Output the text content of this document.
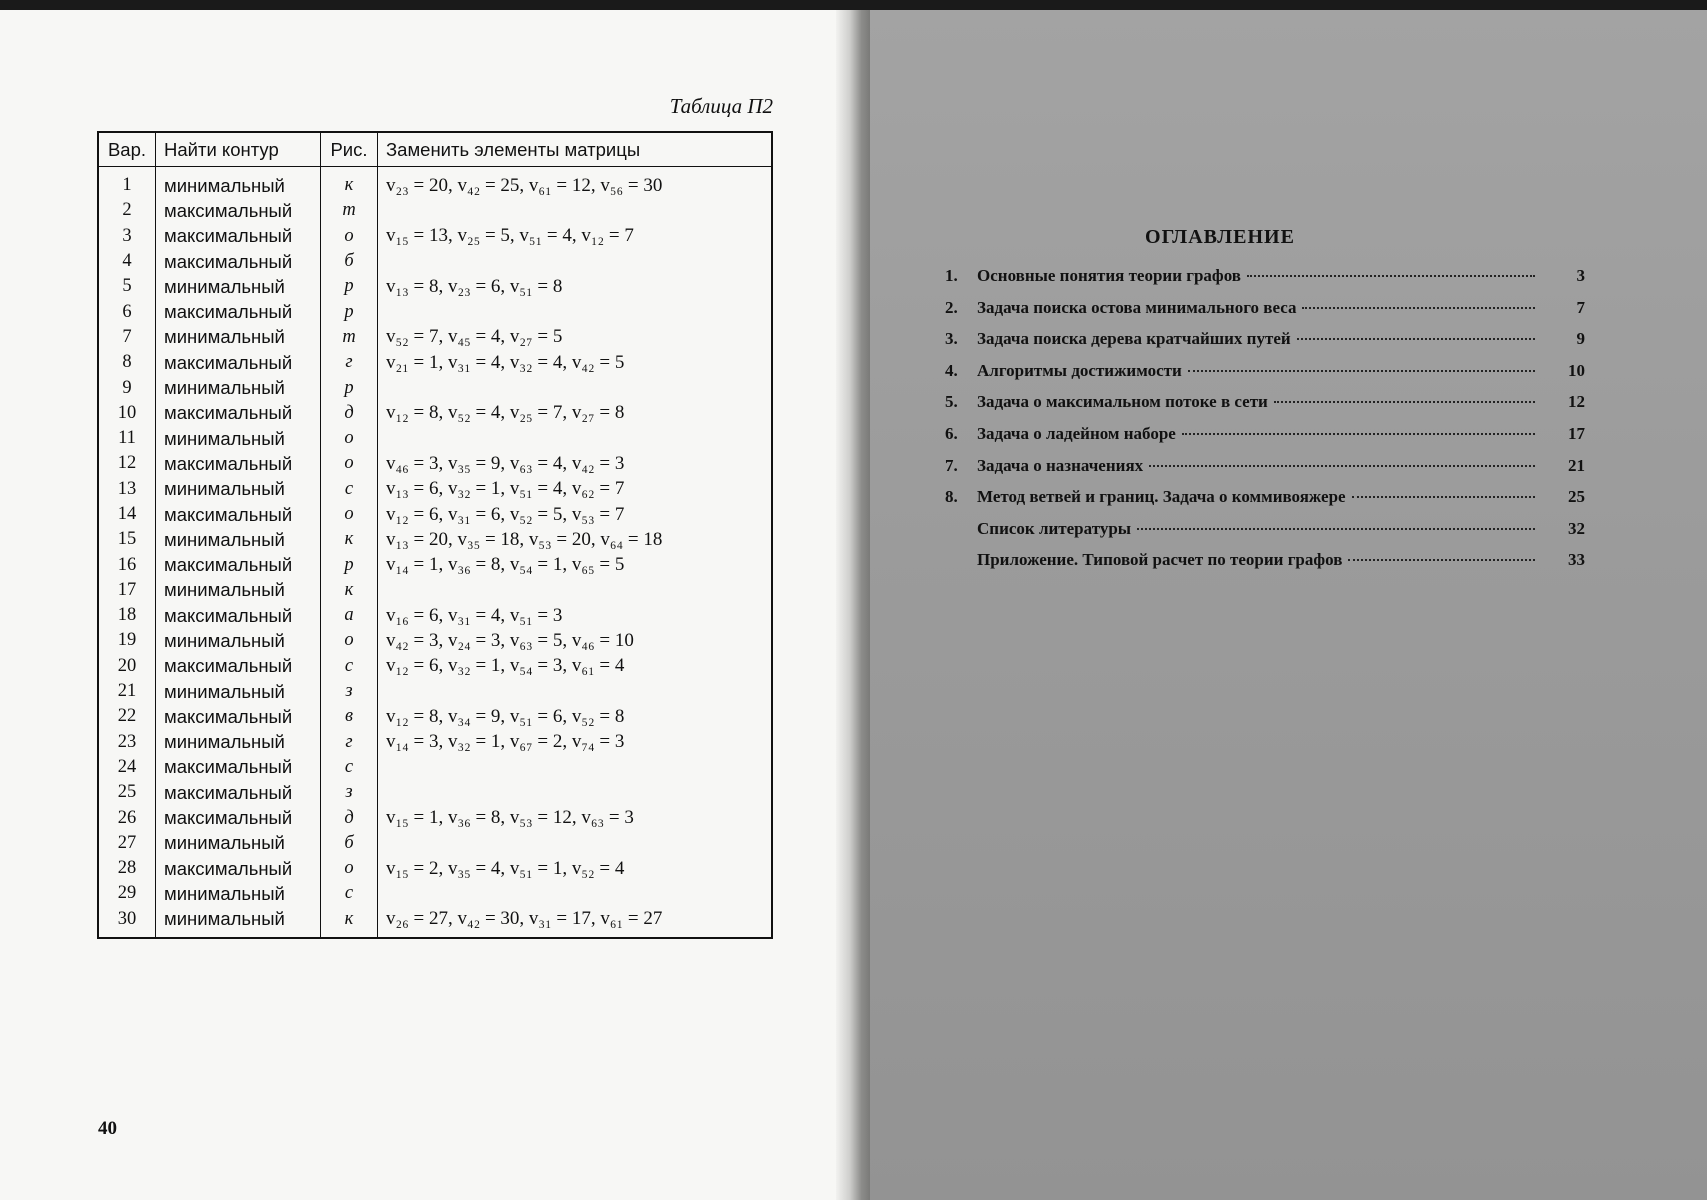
Таблица П2
Вар.	Найти контур	Рис.	Заменить элементы матрицы
1	минимальный	к	v₂₃ = 20, v₄₂ = 25, v₆₁ = 12, v₅₆ = 30
2	максимальный	т	
3	максимальный	о	v₁₅ = 13, v₂₅ = 5, v₅₁ = 4, v₁₂ = 7
4	максимальный	б	
5	минимальный	р	v₁₃ = 8, v₂₃ = 6, v₅₁ = 8
6	максимальный	р	
7	минимальный	т	v₅₂ = 7, v₄₅ = 4, v₂₇ = 5
8	максимальный	г	v₂₁ = 1, v₃₁ = 4, v₃₂ = 4, v₄₂ = 5
9	минимальный	р	
10	максимальный	д	v₁₂ = 8, v₅₂ = 4, v₂₅ = 7, v₂₇ = 8
11	минимальный	о	
12	максимальный	о	v₄₆ = 3, v₃₅ = 9, v₆₃ = 4, v₄₂ = 3
13	минимальный	с	v₁₃ = 6, v₃₂ = 1, v₅₁ = 4, v₆₂ = 7
14	максимальный	о	v₁₂ = 6, v₃₁ = 6, v₅₂ = 5, v₅₃ = 7
15	минимальный	к	v₁₃ = 20, v₃₅ = 18, v₅₃ = 20, v₆₄ = 18
16	максимальный	р	v₁₄ = 1, v₃₆ = 8, v₅₄ = 1, v₆₅ = 5
17	минимальный	к	
18	максимальный	а	v₁₆ = 6, v₃₁ = 4, v₅₁ = 3
19	минимальный	о	v₄₂ = 3, v₂₄ = 3, v₆₃ = 5, v₄₆ = 10
20	максимальный	с	v₁₂ = 6, v₃₂ = 1, v₅₄ = 3, v₆₁ = 4
21	минимальный	з	
22	максимальный	в	v₁₂ = 8, v₃₄ = 9, v₅₁ = 6, v₅₂ = 8
23	минимальный	г	v₁₄ = 3, v₃₂ = 1, v₆₇ = 2, v₇₄ = 3
24	максимальный	с	
25	максимальный	з	
26	максимальный	д	v₁₅ = 1, v₃₆ = 8, v₅₃ = 12, v₆₃ = 3
27	минимальный	б	
28	максимальный	о	v₁₅ = 2, v₃₅ = 4, v₅₁ = 1, v₅₂ = 4
29	минимальный	с	
30	минимальный	к	v₂₆ = 27, v₄₂ = 30, v₃₁ = 17, v₆₁ = 27
40
ОГЛАВЛЕНИЕ
1.	Основные понятия теории графов	3
2.	Задача поиска остова минимального веса	7
3.	Задача поиска дерева кратчайших путей	9
4.	Алгоритмы достижимости	10
5.	Задача о максимальном потоке в сети	12
6.	Задача о ладейном наборе	17
7.	Задача о назначениях	21
8.	Метод ветвей и границ. Задача о коммивояжере	25
Список литературы	32
Приложение. Типовой расчет по теории графов	33
